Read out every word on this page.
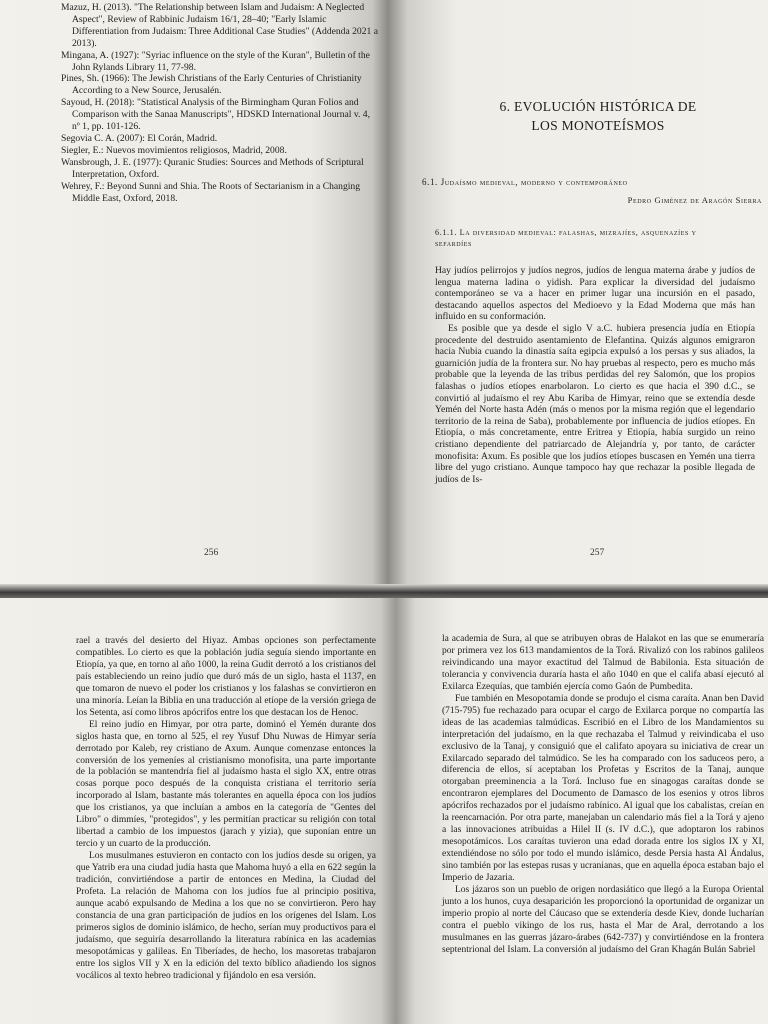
Mazuz, H. (2013). "The Relationship between Islam and Judaism: A Neglected Aspect", Review of Rabbinic Judaism 16/1, 28–40; "Early Islamic Differentiation from Judaism: Three Additional Case Studies" (Addenda 2021 a 2013).

Mingana, A. (1927): "Syriac influence on the style of the Kuran", Bulletin of the John Rylands Library 11, 77-98.

Pines, Sh. (1966): The Jewish Christians of the Early Centuries of Christianity According to a New Source, Jerusalén.

Sayoud, H. (2018): "Statistical Analysis of the Birmingham Quran Folios and Comparison with the Sanaa Manuscripts", HDSKD International Journal v. 4, nº 1, pp. 101-126.

Segovia C. A. (2007): El Corán, Madrid.

Siegler, E.: Nuevos movimientos religiosos, Madrid, 2008.

Wansbrough, J. E. (1977): Quranic Studies: Sources and Methods of Scriptural Interpretation, Oxford.

Wehrey, F.: Beyond Sunni and Shia. The Roots of Sectarianism in a Changing Middle East, Oxford, 2018.

256
6. EVOLUCIÓN HISTÓRICA DE
LOS MONOTEÍSMOS
6.1. Judaísmo medieval, moderno y contemporáneo
Pedro Giménez de Aragón Sierra
6.1.1. La diversidad medieval: falashas, mizrajíes, asquenazíes y sefardíes

Hay judíos pelirrojos y judíos negros, judíos de lengua materna árabe y judíos de lengua materna ladina o yidish. Para explicar la diversidad del judaísmo contemporáneo se va a hacer en primer lugar una incursión en el pasado, destacando aquellos aspectos del Medioevo y la Edad Moderna que más han influido en su conformación.

Es posible que ya desde el siglo V a.C. hubiera presencia judía en Etiopía procedente del destruido asentamiento de Elefantina. Quizás algunos emigraron hacia Nubia cuando la dinastía saíta egipcia expulsó a los persas y sus aliados, la guarnición judía de la frontera sur. No hay pruebas al respecto, pero es mucho más probable que la leyenda de las tribus perdidas del rey Salomón, que los propios falashas o judíos etíopes enarbolaron. Lo cierto es que hacia el 390 d.C., se convirtió al judaísmo el rey Abu Kariba de Himyar, reino que se extendía desde Yemén del Norte hasta Adén (más o menos por la misma región que el legendario territorio de la reina de Saba), probablemente por influencia de judíos etíopes. En Etiopía, o más concretamente, entre Eritrea y Etiopía, había surgido un reino cristiano dependiente del patriarcado de Alejandría y, por tanto, de carácter monofisita: Axum. Es posible que los judíos etíopes buscasen en Yemén una tierra libre del yugo cristiano. Aunque tampoco hay que rechazar la posible llegada de judíos de Is-

257

rael a través del desierto del Hiyaz. Ambas opciones son perfectamente compatibles. Lo cierto es que la población judía seguía siendo importante en Etiopía, ya que, en torno al año 1000, la reina Gudit derrotó a los cristianos del país estableciendo un reino judío que duró más de un siglo, hasta el 1137, en que tomaron de nuevo el poder los cristianos y los falashas se convirtieron en una minoría. Leían la Biblia en una traducción al etíope de la versión griega de los Setenta, así como libros apócrifos entre los que destacan los de Henoc.

El reino judío en Himyar, por otra parte, dominó el Yemén durante dos siglos hasta que, en torno al 525, el rey Yusuf Dhu Nuwas de Himyar sería derrotado por Kaleb, rey cristiano de Axum. Aunque comenzase entonces la conversión de los yemeníes al cristianismo monofisita, una parte importante de la población se mantendría fiel al judaísmo hasta el siglo XX, entre otras cosas porque poco después de la conquista cristiana el territorio sería incorporado al Islam, bastante más tolerantes en aquella época con los judíos que los cristianos, ya que incluían a ambos en la categoría de "Gentes del Libro" o dimmíes, "protegidos", y les permitían practicar su religión con total libertad a cambio de los impuestos (jarach y yizia), que suponían entre un tercio y un cuarto de la producción.

Los musulmanes estuvieron en contacto con los judíos desde su origen, ya que Yatrib era una ciudad judía hasta que Mahoma huyó a ella en 622 según la tradición, convirtiéndose a partir de entonces en Medina, la Ciudad del Profeta. La relación de Mahoma con los judíos fue al principio positiva, aunque acabó expulsando de Medina a los que no se convirtieron. Pero hay constancia de una gran participación de judíos en los orígenes del Islam. Los primeros siglos de dominio islámico, de hecho, serían muy productivos para el judaísmo, que seguiría desarrollando la literatura rabínica en las academias mesopotámicas y galileas. En Tiberíades, de hecho, los masoretas trabajaron entre los siglos VII y X en la edición del texto bíblico añadiendo los signos vocálicos al texto hebreo tradicional y fijándolo en esa versión.

la academia de Sura, al que se atribuyen obras de Halakot en las que se enumeraría por primera vez los 613 mandamientos de la Torá. Rivalizó con los rabinos galileos reivindicando una mayor exactitud del Talmud de Babilonia. Esta situación de tolerancia y convivencia duraría hasta el año 1040 en que el califa abasí ejecutó al Exilarca Ezequías, que también ejercía como Gaón de Pumbedita.

Fue también en Mesopotamia donde se produjo el cisma caraíta. Anan ben David (715-795) fue rechazado para ocupar el cargo de Exilarca porque no compartía las ideas de las academias talmúdicas. Escribió en el Libro de los Mandamientos su interpretación del judaísmo, en la que rechazaba el Talmud y reivindicaba el uso exclusivo de la Tanaj, y consiguió que el califato apoyara su iniciativa de crear un Exilarcado separado del talmúdico. Se les ha comparado con los saduceos pero, a diferencia de ellos, sí aceptaban los Profetas y Escritos de la Tanaj, aunque otorgaban preeminencia a la Torá. Incluso fue en sinagogas caraítas donde se encontraron ejemplares del Documento de Damasco de los esenios y otros libros apócrifos rechazados por el judaísmo rabínico. Al igual que los cabalistas, creían en la reencarnación. Por otra parte, manejaban un calendario más fiel a la Torá y ajeno a las innovaciones atribuidas a Hilel II (s. IV d.C.), que adoptaron los rabinos mesopotámicos. Los caraítas tuvieron una edad dorada entre los siglos IX y XI, extendiéndose no sólo por todo el mundo islámico, desde Persia hasta Al Ándalus, sino también por las estepas rusas y ucranianas, que en aquella época estaban bajo el Imperio de Jazaria.

Los jázaros son un pueblo de origen nordasiático que llegó a la Europa Oriental junto a los hunos, cuya desaparición les proporcionó la oportunidad de organizar un imperio propio al norte del Cáucaso que se extendería desde Kiev, donde lucharían contra el pueblo vikingo de los rus, hasta el Mar de Aral, derrotando a los musulmanes en las guerras jázaro-árabes (642-737) y convirtiéndose en la frontera septentrional del Islam. La conversión al judaísmo del Gran Khagán Bulán Sabriel
